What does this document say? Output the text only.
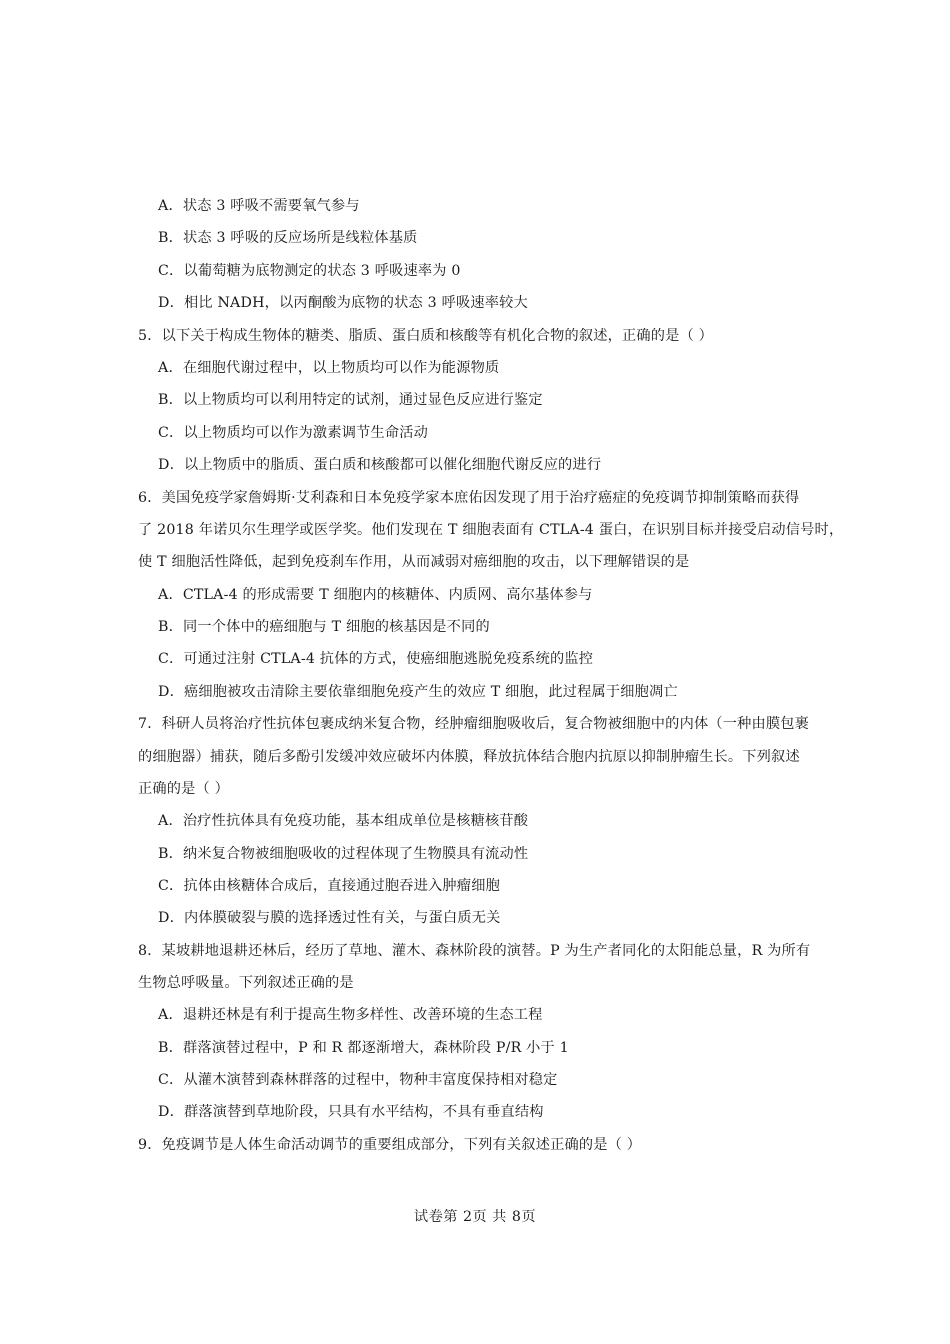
A．状态 3 呼吸不需要氧气参与
B．状态 3 呼吸的反应场所是线粒体基质
C．以葡萄糖为底物测定的状态 3 呼吸速率为 0
D．相比 NADH，以丙酮酸为底物的状态 3 呼吸速率较大
5．以下关于构成生物体的糖类、脂质、蛋白质和核酸等有机化合物的叙述，正确的是（ ）
A．在细胞代谢过程中，以上物质均可以作为能源物质
B．以上物质均可以利用特定的试剂，通过显色反应进行鉴定
C．以上物质均可以作为激素调节生命活动
D．以上物质中的脂质、蛋白质和核酸都可以催化细胞代谢反应的进行
6．美国免疫学家詹姆斯·艾利森和日本免疫学家本庶佑因发现了用于治疗癌症的免疫调节抑制策略而获得
了 2018 年诺贝尔生理学或医学奖。他们发现在 T 细胞表面有 CTLA-4 蛋白，在识别目标并接受启动信号时，
使 T 细胞活性降低，起到免疫刹车作用，从而减弱对癌细胞的攻击，以下理解错误的是
A．CTLA-4 的形成需要 T 细胞内的核糖体、内质网、高尔基体参与
B．同一个体中的癌细胞与 T 细胞的核基因是不同的
C．可通过注射 CTLA-4 抗体的方式，使癌细胞逃脱免疫系统的监控
D．癌细胞被攻击清除主要依靠细胞免疫产生的效应 T 细胞，此过程属于细胞凋亡
7．科研人员将治疗性抗体包裹成纳米复合物，经肿瘤细胞吸收后，复合物被细胞中的内体（一种由膜包裹
的细胞器）捕获，随后多酚引发缓冲效应破坏内体膜，释放抗体结合胞内抗原以抑制肿瘤生长。下列叙述
正确的是（ ）
A．治疗性抗体具有免疫功能，基本组成单位是核糖核苷酸
B．纳米复合物被细胞吸收的过程体现了生物膜具有流动性
C．抗体由核糖体合成后，直接通过胞吞进入肿瘤细胞
D．内体膜破裂与膜的选择透过性有关，与蛋白质无关
8．某坡耕地退耕还林后，经历了草地、灌木、森林阶段的演替。P 为生产者同化的太阳能总量，R 为所有
生物总呼吸量。下列叙述正确的是
A．退耕还林是有利于提高生物多样性、改善环境的生态工程
B．群落演替过程中，P 和 R 都逐渐增大，森林阶段 P/R 小于 1
C．从灌木演替到森林群落的过程中，物种丰富度保持相对稳定
D．群落演替到草地阶段，只具有水平结构，不具有垂直结构
9．免疫调节是人体生命活动调节的重要组成部分，下列有关叙述正确的是（ ）
试卷第 2页 共 8页
